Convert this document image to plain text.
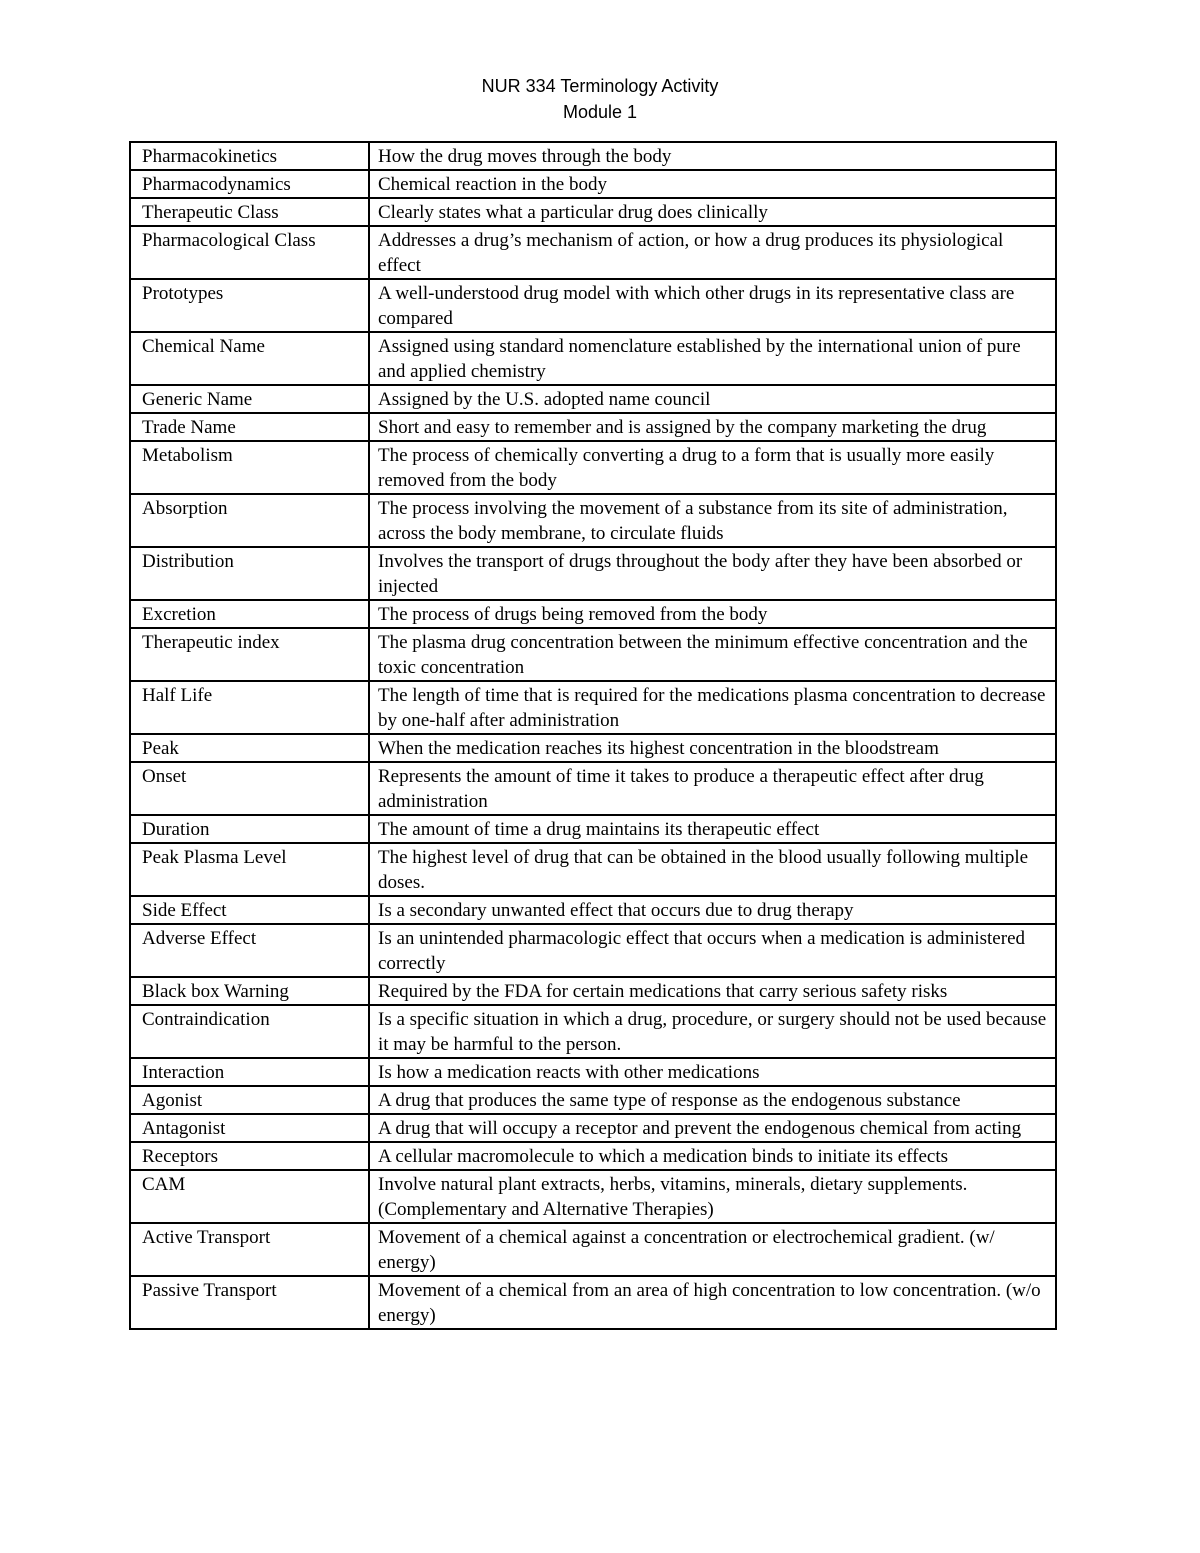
NUR 334 Terminology Activity
Module 1
Pharmacokinetics	How the drug moves through the body
Pharmacodynamics	Chemical reaction in the body
Therapeutic Class	Clearly states what a particular drug does clinically
Pharmacological Class	Addresses a drug’s mechanism of action, or how a drug produces its physiological effect
Prototypes	A well-understood drug model with which other drugs in its representative class are compared
Chemical Name	Assigned using standard nomenclature established by the international union of pure and applied chemistry
Generic Name	Assigned by the U.S. adopted name council
Trade Name	Short and easy to remember and is assigned by the company marketing the drug
Metabolism	The process of chemically converting a drug to a form that is usually more easily removed from the body
Absorption	The process involving the movement of a substance from its site of administration, across the body membrane, to circulate fluids
Distribution	Involves the transport of drugs throughout the body after they have been absorbed or injected
Excretion	The process of drugs being removed from the body
Therapeutic index	The plasma drug concentration between the minimum effective concentration and the toxic concentration
Half Life	The length of time that is required for the medications plasma concentration to decrease by one-half after administration
Peak	When the medication reaches its highest concentration in the bloodstream
Onset	Represents the amount of time it takes to produce a therapeutic effect after drug administration
Duration	The amount of time a drug maintains its therapeutic effect
Peak Plasma Level	The highest level of drug that can be obtained in the blood usually following multiple doses.
Side Effect	Is a secondary unwanted effect that occurs due to drug therapy
Adverse Effect	Is an unintended pharmacologic effect that occurs when a medication is administered correctly
Black box Warning	Required by the FDA for certain medications that carry serious safety risks
Contraindication	Is a specific situation in which a drug, procedure, or surgery should not be used because it may be harmful to the person.
Interaction	Is how a medication reacts with other medications
Agonist	A drug that produces the same type of response as the endogenous substance
Antagonist	A drug that will occupy a receptor and prevent the endogenous chemical from acting
Receptors	A cellular macromolecule to which a medication binds to initiate its effects
CAM	Involve natural plant extracts, herbs, vitamins, minerals, dietary supplements. (Complementary and Alternative Therapies)
Active Transport	Movement of a chemical against a concentration or electrochemical gradient. (w/ energy)
Passive Transport	Movement of a chemical from an area of high concentration to low concentration. (w/o energy)
